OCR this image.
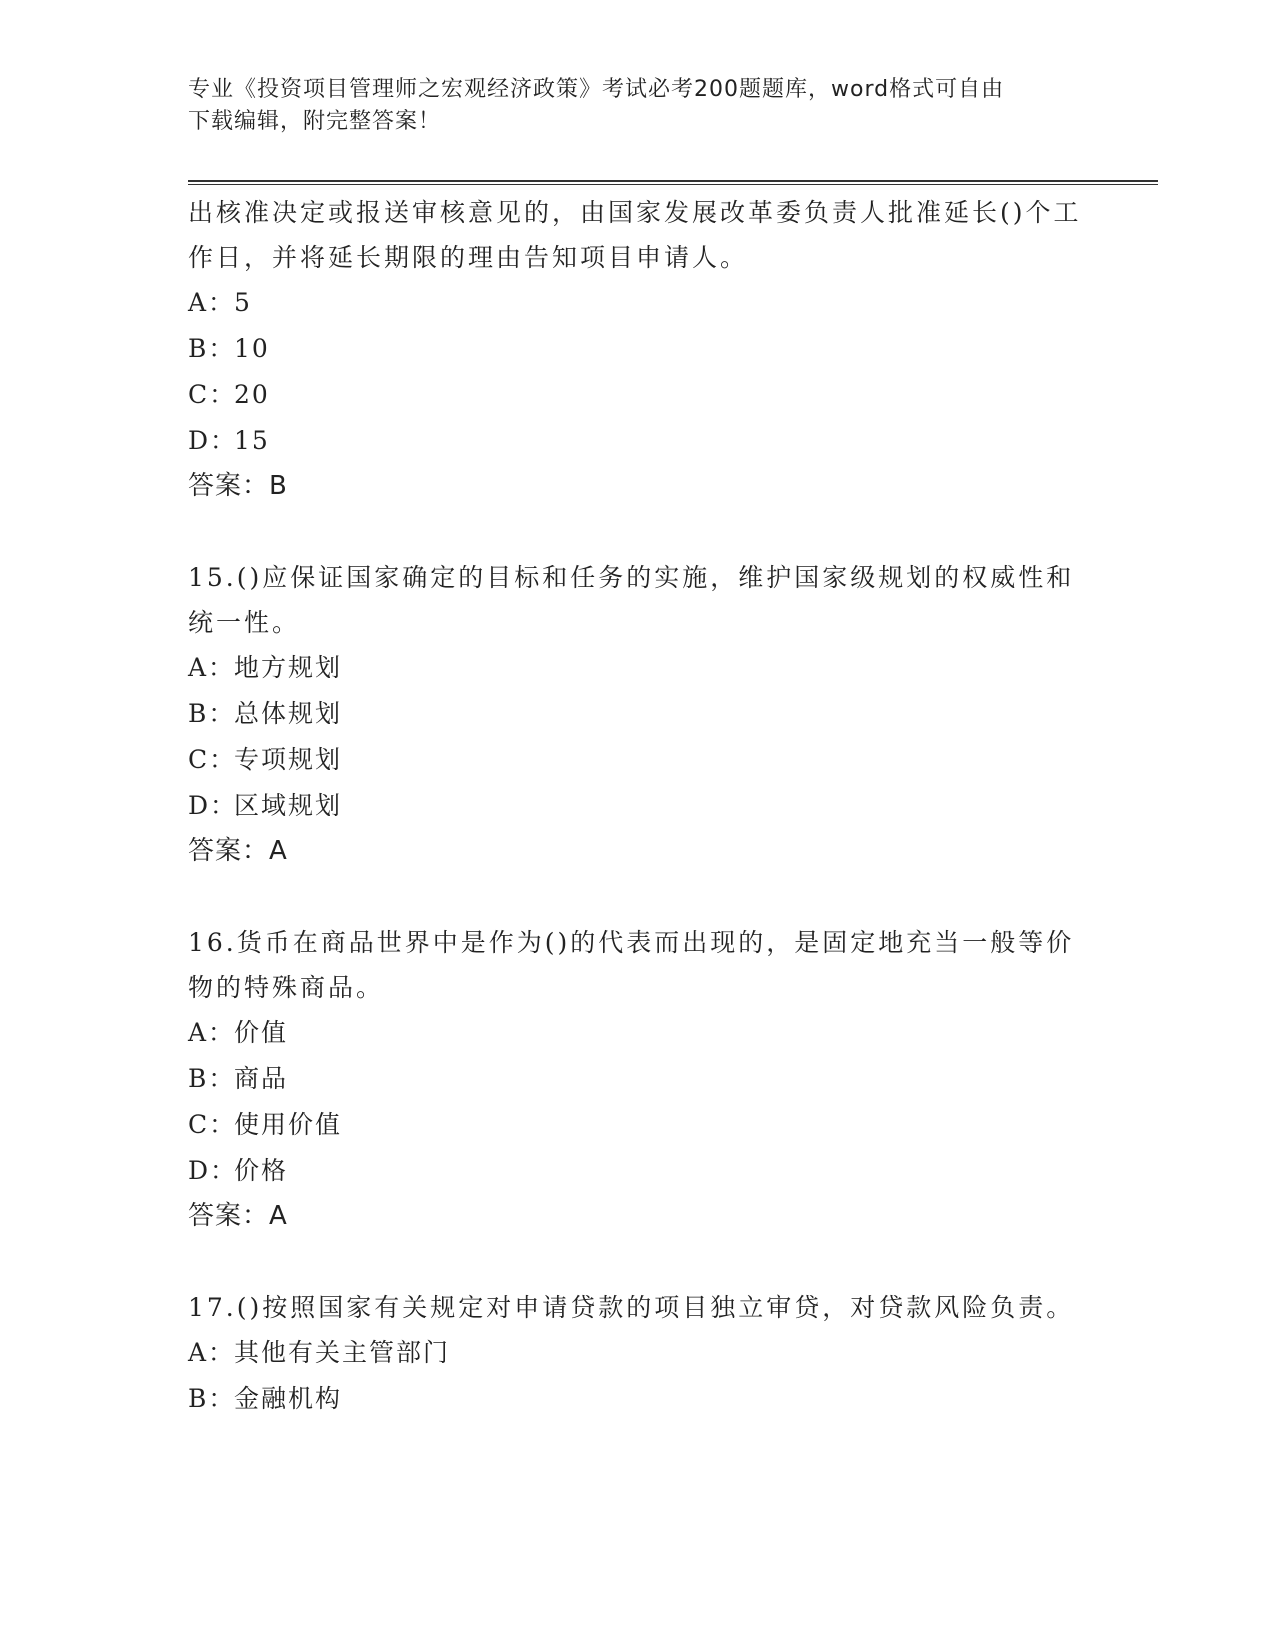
专业《投资项目管理师之宏观经济政策》考试必考200题题库，word格式可自由
下载编辑，附完整答案！
出核准决定或报送审核意见的，由国家发展改革委负责人批准延长()个工作日，并将延长期限的理由告知项目申请人。
A：5
B：10
C：20
D：15
答案：B
15.()应保证国家确定的目标和任务的实施，维护国家级规划的权威性和统一性。
A：地方规划
B：总体规划
C：专项规划
D：区域规划
答案：A
16.货币在商品世界中是作为()的代表而出现的，是固定地充当一般等价物的特殊商品。
A：价值
B：商品
C：使用价值
D：价格
答案：A
17.()按照国家有关规定对申请贷款的项目独立审贷，对贷款风险负责。
A：其他有关主管部门
B：金融机构
